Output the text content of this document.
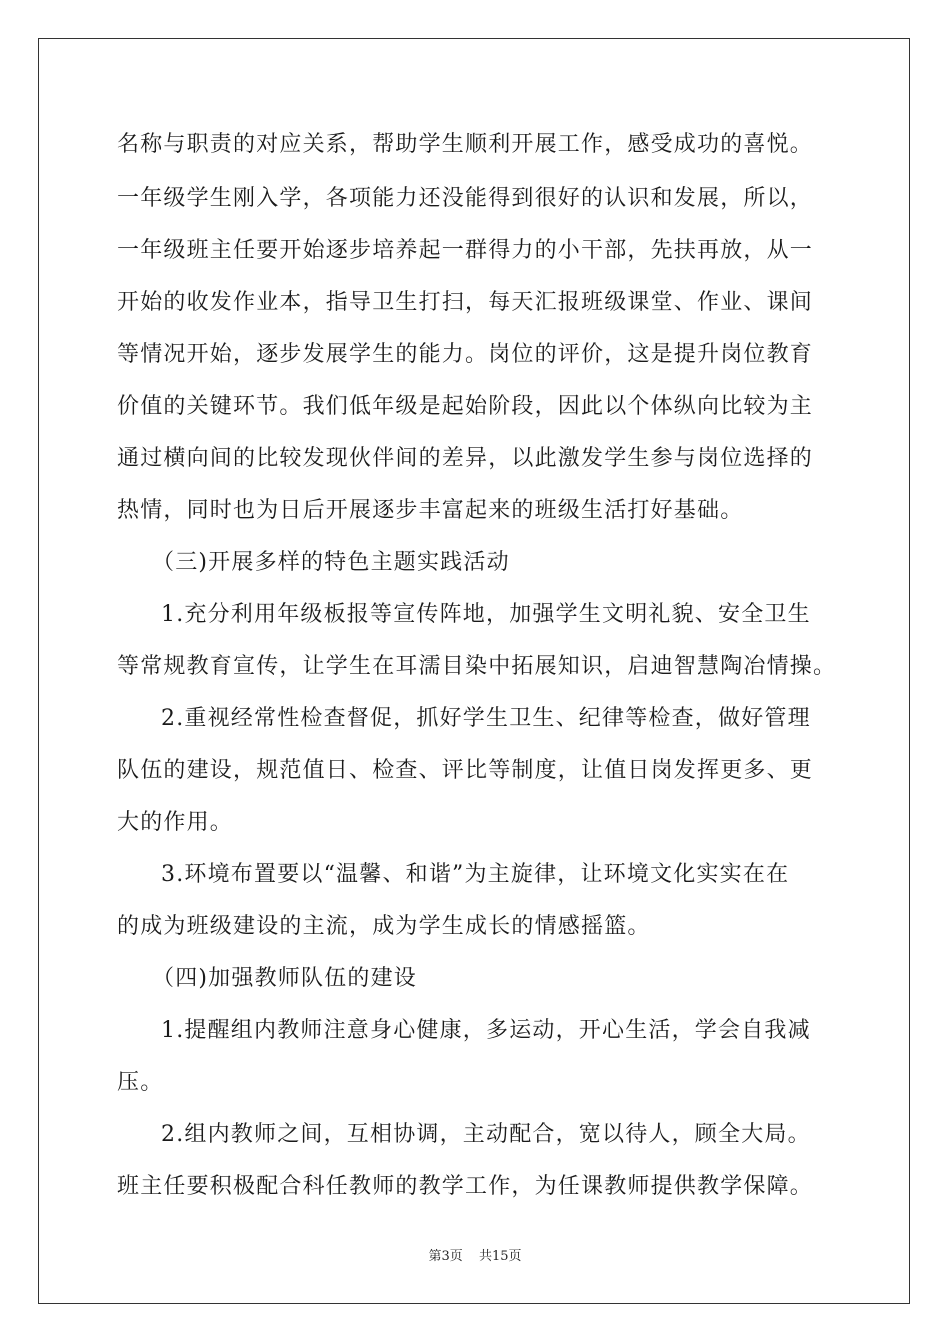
名称与职责的对应关系，帮助学生顺利开展工作，感受成功的喜悦。
一年级学生刚入学，各项能力还没能得到很好的认识和发展，所以，
一年级班主任要开始逐步培养起一群得力的小干部，先扶再放，从一
开始的收发作业本，指导卫生打扫，每天汇报班级课堂、作业、课间
等情况开始，逐步发展学生的能力。岗位的评价，这是提升岗位教育
价值的关键环节。我们低年级是起始阶段，因此以个体纵向比较为主
通过横向间的比较发现伙伴间的差异，以此激发学生参与岗位选择的
热情，同时也为日后开展逐步丰富起来的班级生活打好基础。
（三)开展多样的特色主题实践活动
1.充分利用年级板报等宣传阵地，加强学生文明礼貌、安全卫生
等常规教育宣传，让学生在耳濡目染中拓展知识，启迪智慧陶冶情操。
2.重视经常性检查督促，抓好学生卫生、纪律等检查，做好管理
队伍的建设，规范值日、检查、评比等制度，让值日岗发挥更多、更
大的作用。
3.环境布置要以“温馨、和谐”为主旋律，让环境文化实实在在
的成为班级建设的主流，成为学生成长的情感摇篮。
（四)加强教师队伍的建设
1.提醒组内教师注意身心健康，多运动，开心生活，学会自我减
压。
2.组内教师之间，互相协调，主动配合，宽以待人，顾全大局。
班主任要积极配合科任教师的教学工作，为任课教师提供教学保障。
第3页 共15页
